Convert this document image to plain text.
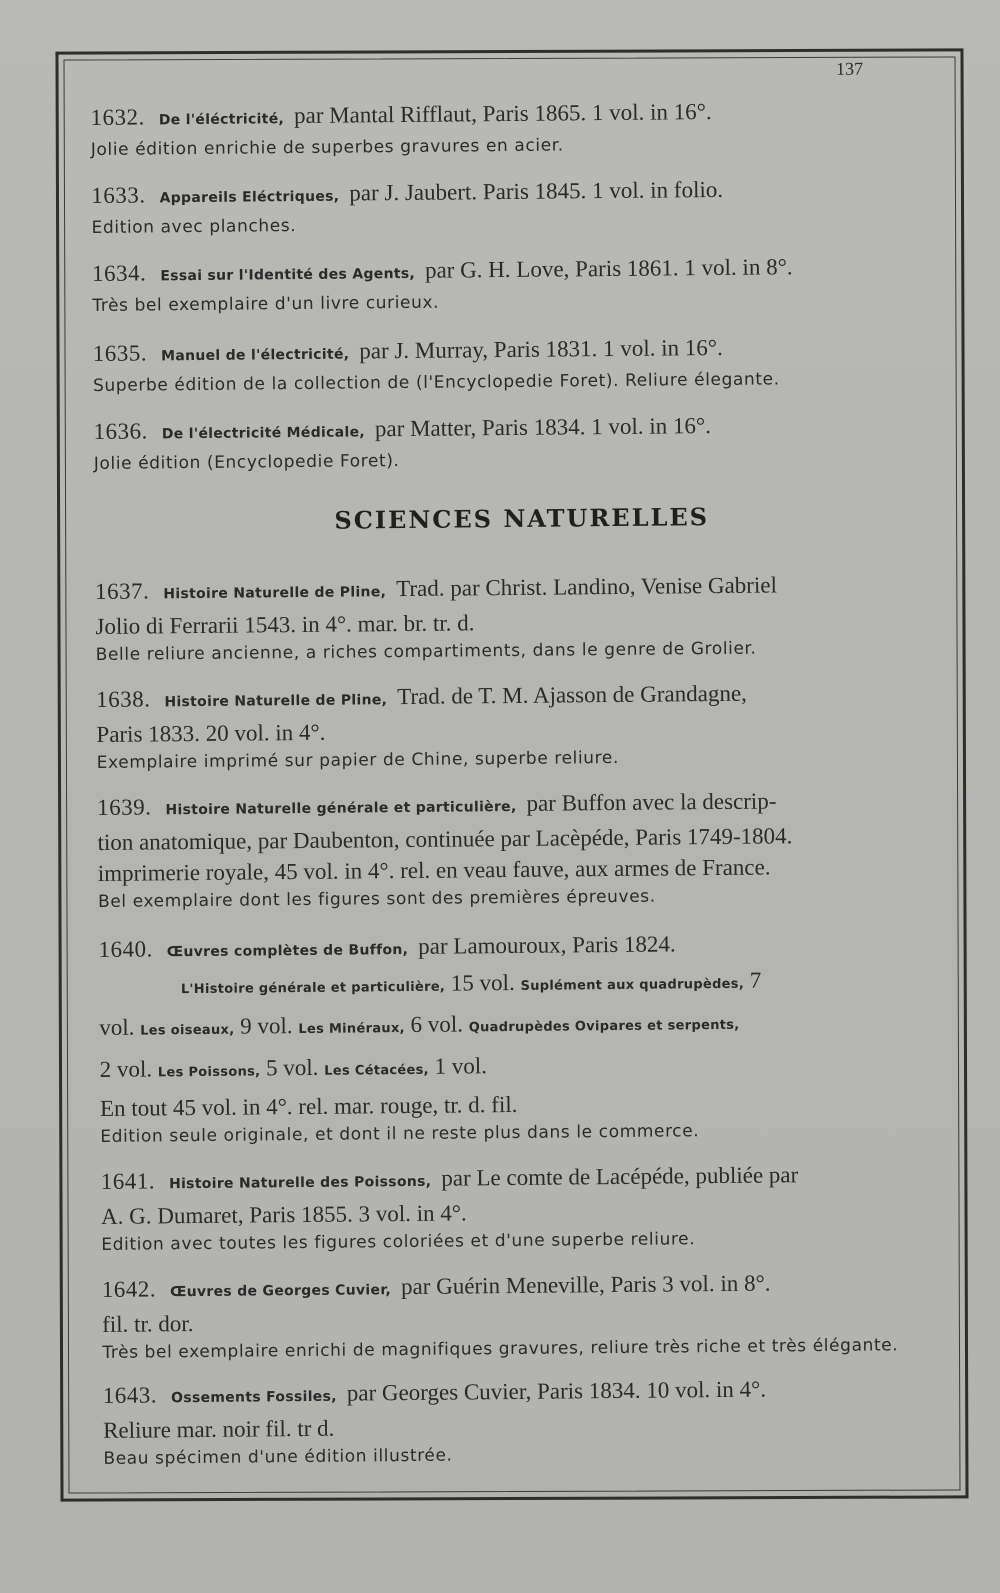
137
1632. De l'éléctricité, par Mantal Rifflaut, Paris 1865. 1 vol. in 16°.
Jolie édition enrichie de superbes gravures en acier.
1633. Appareils Eléctriques, par J. Jaubert. Paris 1845. 1 vol. in folio.
Edition avec planches.
1634. Essai sur l'Identité des Agents, par G. H. Love, Paris 1861. 1 vol. in 8°.
Très bel exemplaire d'un livre curieux.
1635. Manuel de l'électricité, par J. Murray, Paris 1831. 1 vol. in 16°.
Superbe édition de la collection de (l'Encyclopedie Foret). Reliure élegante.
1636. De l'électricité Médicale, par Matter, Paris 1834. 1 vol. in 16°.
Jolie édition (Encyclopedie Foret).
SCIENCES NATURELLES
1637. Histoire Naturelle de Pline, Trad. par Christ. Landino, Venise Gabriel
Jolio di Ferrarii 1543. in 4°. mar. br. tr. d.
Belle reliure ancienne, a riches compartiments, dans le genre de Grolier.
1638. Histoire Naturelle de Pline, Trad. de T. M. Ajasson de Grandagne,
Paris 1833. 20 vol. in 4°.
Exemplaire imprimé sur papier de Chine, superbe reliure.
1639. Histoire Naturelle générale et particulière, par Buffon avec la descrip-
tion anatomique, par Daubenton, continuée par Lacèpéde, Paris 1749-1804.
imprimerie royale, 45 vol. in 4°. rel. en veau fauve, aux armes de France.
Bel exemplaire dont les figures sont des premières épreuves.
1640. Œuvres complètes de Buffon, par Lamouroux, Paris 1824.
L'Histoire générale et particulière, 15 vol. Suplément aux quadrupèdes, 7
vol. Les oiseaux, 9 vol. Les Minéraux, 6 vol. Quadrupèdes Ovipares et serpents,
2 vol. Les Poissons, 5 vol. Les Cétacées, 1 vol.
En tout 45 vol. in 4°. rel. mar. rouge, tr. d. fil.
Edition seule originale, et dont il ne reste plus dans le commerce.
1641. Histoire Naturelle des Poissons, par Le comte de Lacépéde, publiée par
A. G. Dumaret, Paris 1855. 3 vol. in 4°.
Edition avec toutes les figures coloriées et d'une superbe reliure.
1642. Œuvres de Georges Cuvier, par Guérin Meneville, Paris 3 vol. in 8°.
fil. tr. dor.
Très bel exemplaire enrichi de magnifiques gravures, reliure très riche et très élégante.
1643. Ossements Fossiles, par Georges Cuvier, Paris 1834. 10 vol. in 4°.
Reliure mar. noir fil. tr d.
Beau spécimen d'une édition illustrée.
